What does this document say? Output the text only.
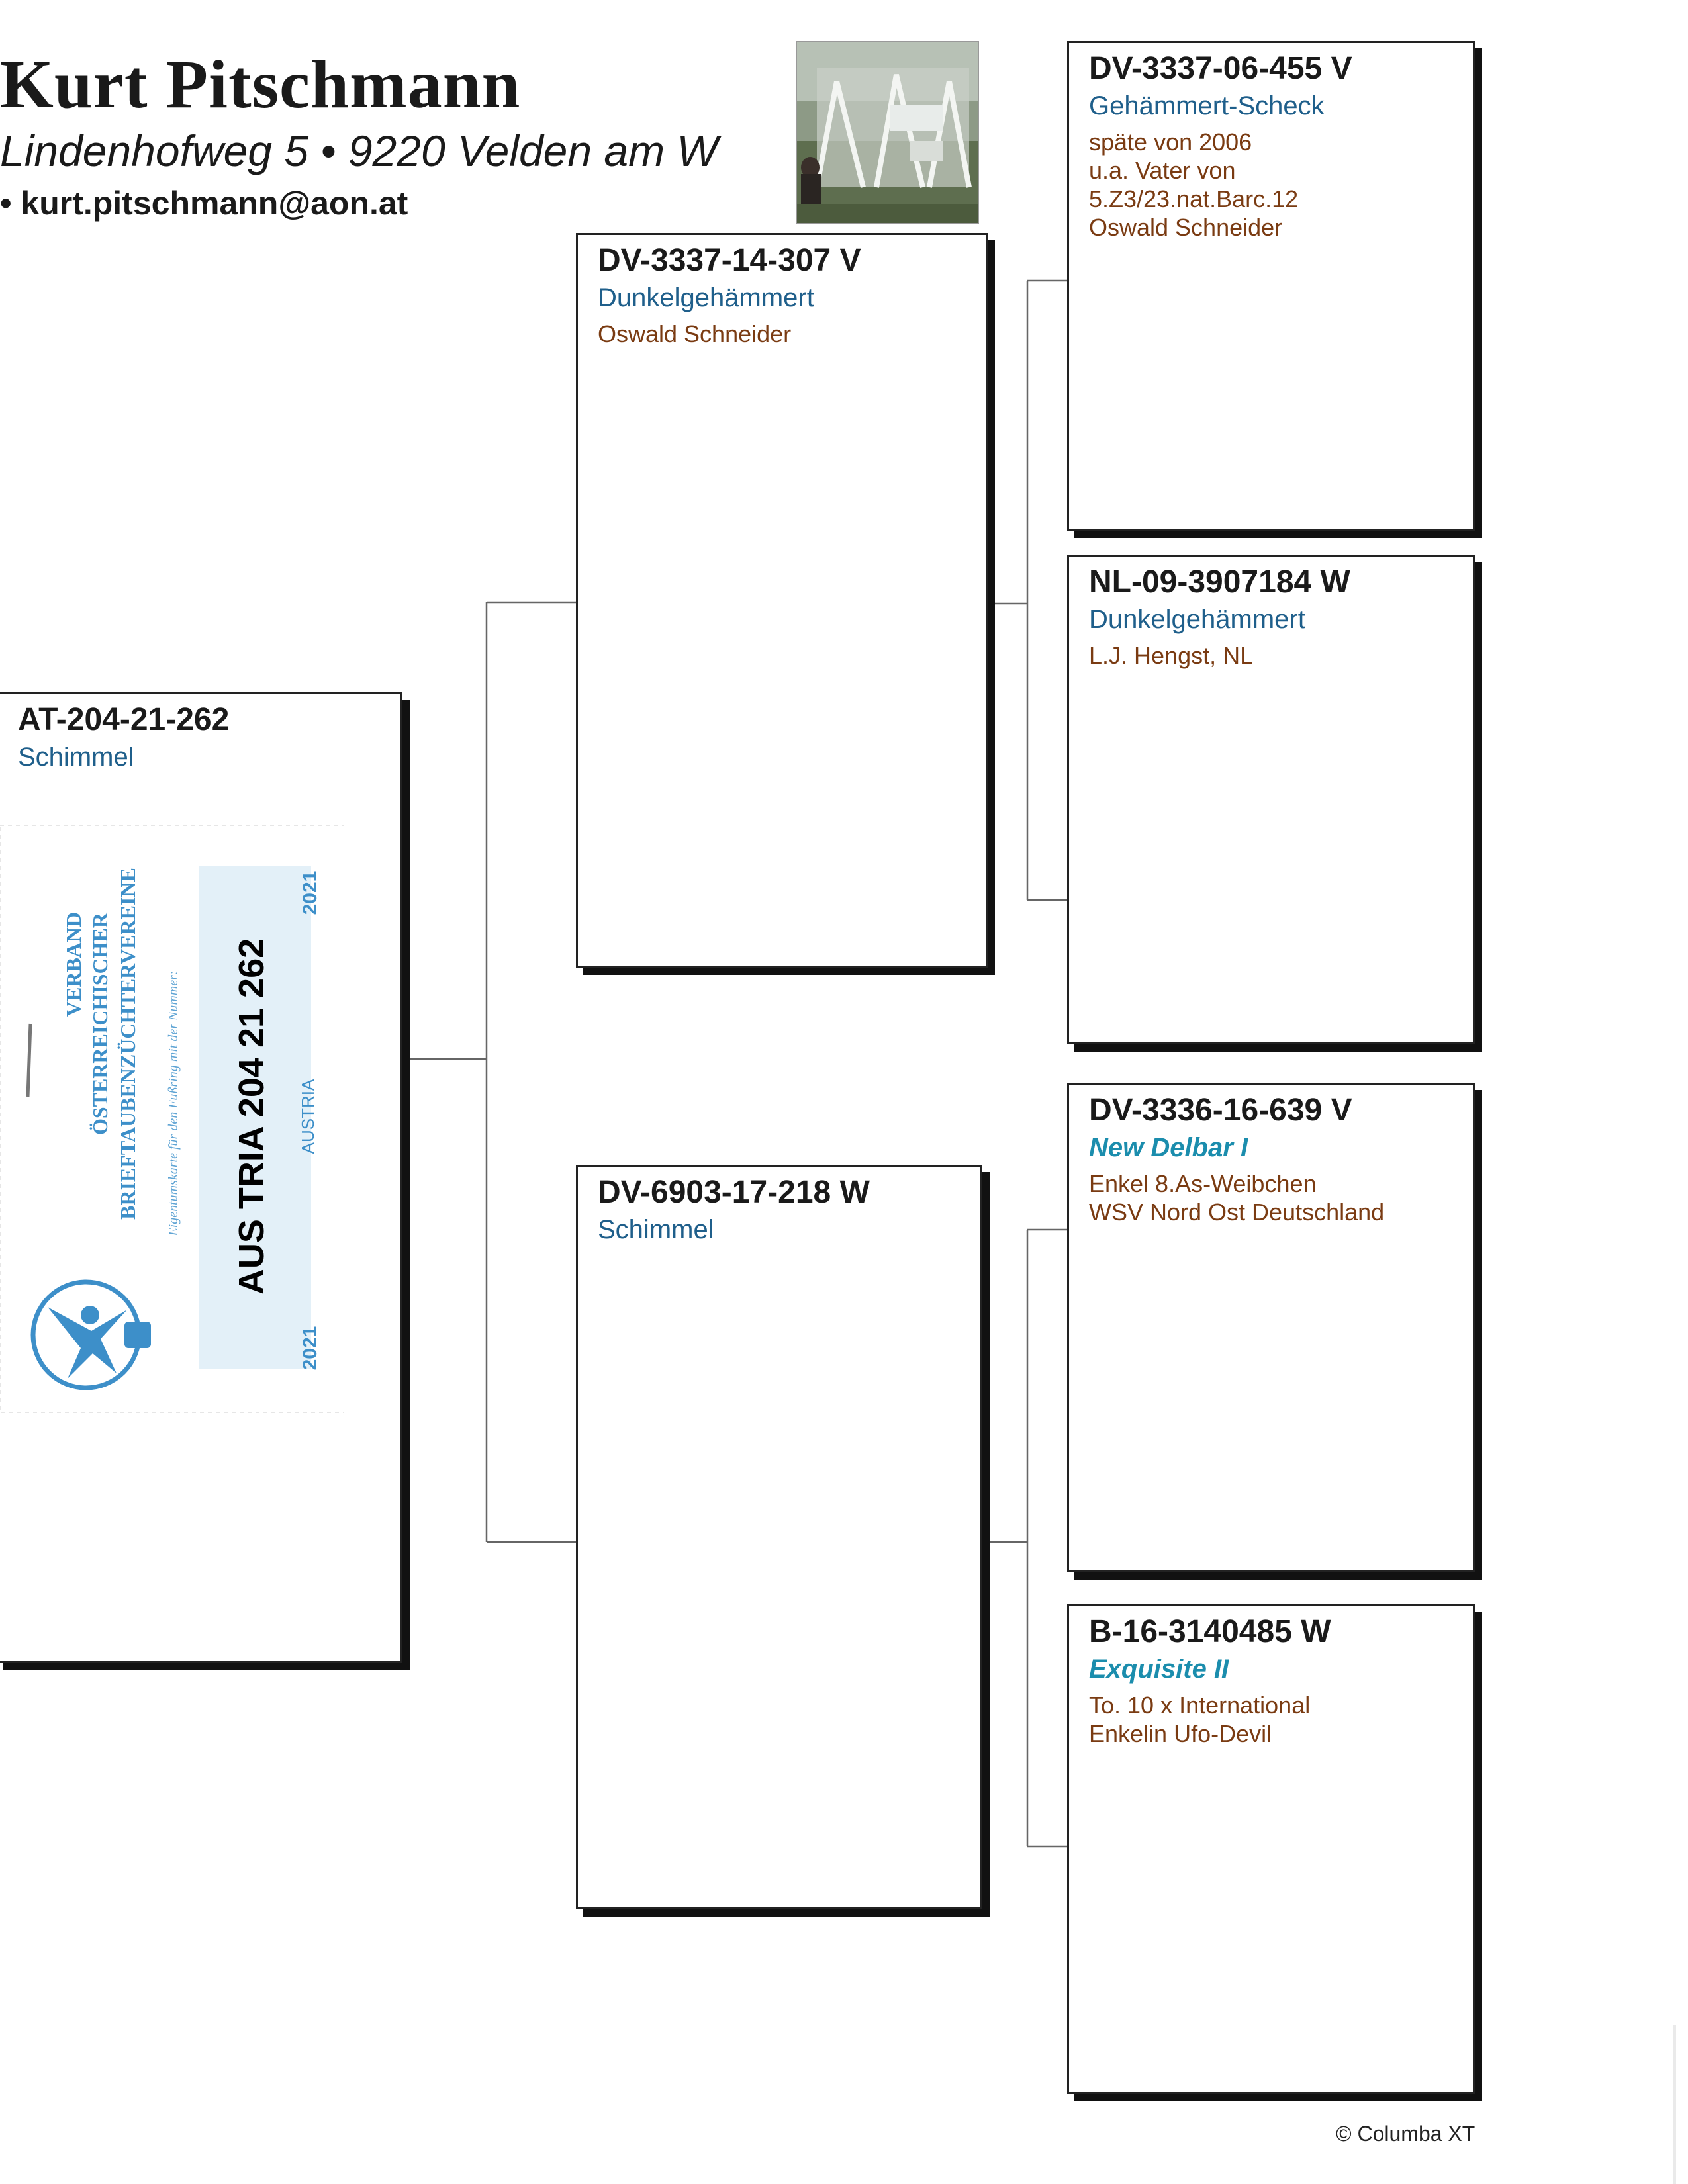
Kurt Pitschmann
Lindenhofweg 5 • 9220 Velden am W
• kurt.pitschmann@aon.at
AT-204-21-262
Schimmel
VERBAND ÖSTERREICHISCHER BRIEFTAUBENZÜCHTERVEREINE Eigentumskarte für den Fußring mit der Nummer: AUS TRIA 204 21 262
2021
2021
AUSTRIA
DV-3337-14-307 V
Dunkelgehämmert
Oswald Schneider
DV-6903-17-218 W
Schimmel
DV-3337-06-455 V
Gehämmert-Scheck
späte von 2006
u.a. Vater von
5.Z3/23.nat.Barc.12
Oswald Schneider
NL-09-3907184 W
Dunkelgehämmert
L.J. Hengst, NL
DV-3336-16-639 V
New Delbar I
Enkel 8.As-Weibchen
WSV Nord Ost Deutschland
B-16-3140485 W
Exquisite II
To. 10 x International
Enkelin Ufo-Devil
© Columba XT
